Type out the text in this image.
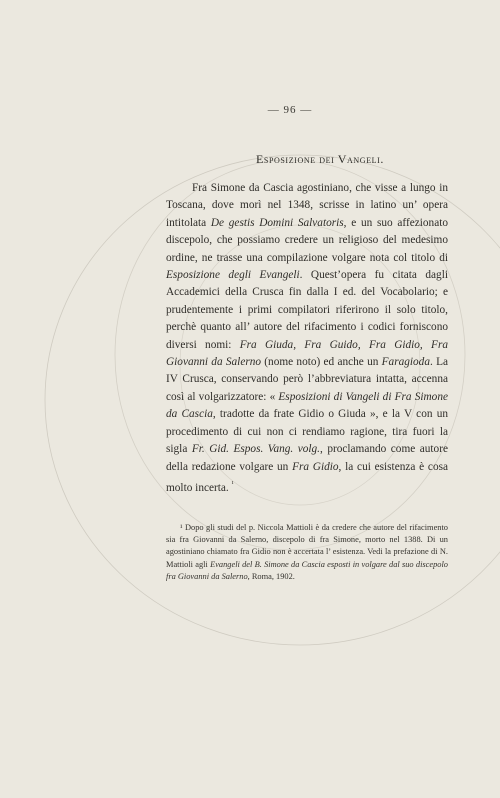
— 96 —
Esposizione dei Vangeli.

Fra Simone da Cascia agostiniano, che visse a lungo in Toscana, dove morì nel 1348, scrisse in latino un’ opera intitolata De gestis Domini Salvatoris, e un suo affezionato discepolo, che possiamo credere un religioso del medesimo ordine, ne trasse una compilazione volgare nota col titolo di Esposizione degli Evangeli. Quest’opera fu citata dagli Accademici della Crusca fin dalla I ed. del Vocabolario; e prudentemente i primi compilatori riferirono il solo titolo, perchè quanto all’ autore del rifacimento i codici forniscono diversi nomi: Fra Giuda, Fra Guido, Fra Gidio, Fra Giovanni da Salerno (nome noto) ed anche un Faragioda. La IV Crusca, conservando però l’abbreviatura intatta, accenna così al volgarizzatore: « Esposizioni di Vangeli di Fra Simone da Cascia, tradotte da frate Gidio o Giuda », e la V con un procedimento di cui non ci rendiamo ragione, tira fuori la sigla Fr. Gid. Espos. Vang. volg., proclamando come autore della redazione volgare un Fra Gidio, la cui esistenza è cosa molto incerta. $^{^1}$

¹ Dopo gli studi del p. Niccola Mattioli è da credere che autore del rifacimento sia fra Giovanni da Salerno, discepolo di fra Simone, morto nel 1388. Di un agostiniano chiamato fra Gidio non è accertata l’ esistenza. Vedi la prefazione di N. Mattioli agli Evangeli del B. Simone da Cascia esposti in volgare dal suo discepolo fra Giovanni da Salerno, Roma, 1902.
